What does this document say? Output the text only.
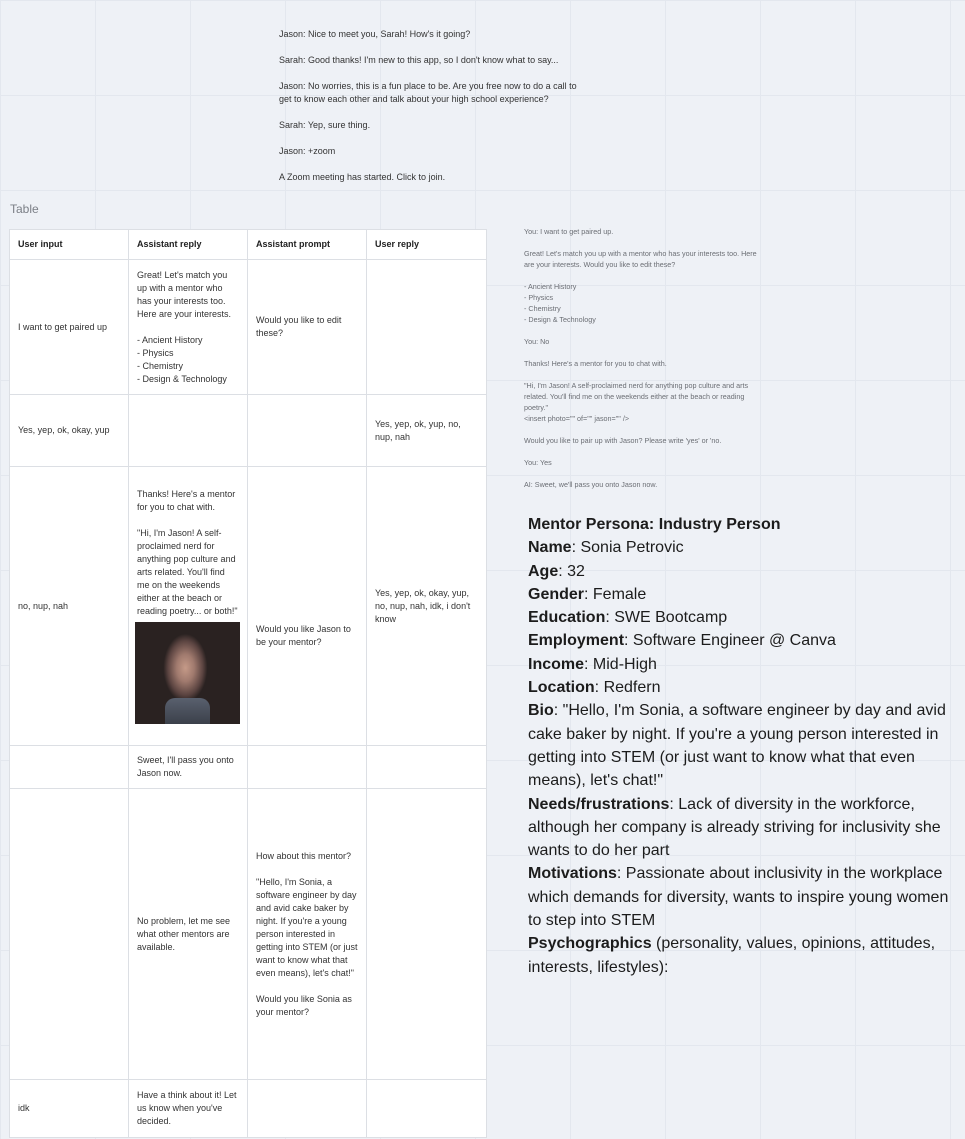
Jason: Nice to meet you, Sarah! How's it going?

Sarah: Good thanks! I'm new to this app, so I don't know what to say...

Jason: No worries, this is a fun place to be. Are you free now to do a call to get to know each other and talk about your high school experience?

Sarah: Yep, sure thing.

Jason: +zoom

A Zoom meeting has started. Click to join.

Table
User input	Assistant reply	Assistant prompt	User reply

I want to get paired up	Great! Let's match you up with a mentor who has your interests too. Here are your interests.

- Ancient History
- Physics
- Chemistry
- Design & Technology	Would you like to edit these?	

Yes, yep, ok, okay, yup			Yes, yep, ok, yup, no, nup, nah

no, nup, nah	Thanks! Here's a mentor for you to chat with.

"Hi, I'm Jason! A self-proclaimed nerd for anything pop culture and arts related. You'll find me on the weekends either at the beach or reading poetry... or both!"	Would you like Jason to be your mentor?	Yes, yep, ok, okay, yup, no, nup, nah, idk, i don't know

	Sweet, I'll pass you onto Jason now.		

	No problem, let me see what other mentors are available.	How about this mentor?

"Hello, I'm Sonia, a software engineer by day and avid cake baker by night. If you're a young person interested in getting into STEM (or just want to know what that even means), let's chat!"

Would you like Sonia as your mentor?	

idk	Have a think about it! Let us know when you've decided.		

You: I want to get paired up.

Great! Let's match you up with a mentor who has your interests too. Here are your interests. Would you like to edit these?

- Ancient History
- Physics
- Chemistry
- Design & Technology

You: No

Thanks! Here's a mentor for you to chat with.

"Hi, I'm Jason! A self-proclaimed nerd for anything pop culture and arts related. You'll find me on the weekends either at the beach or reading poetry."
<insert photo="" of="" jason="" />

Would you like to pair up with Jason? Please write 'yes' or 'no.

You: Yes

AI: Sweet, we'll pass you onto Jason now.

Mentor Persona: Industry Person
Name: Sonia Petrovic
Age: 32
Gender: Female
Education: SWE Bootcamp
Employment: Software Engineer @ Canva
Income: Mid-High
Location: Redfern
Bio: "Hello, I'm Sonia, a software engineer by day and avid cake baker by night. If you're a young person interested in getting into STEM (or just want to know what that even means), let's chat!"
Needs/frustrations: Lack of diversity in the workforce, although her company is already striving for inclusivity she wants to do her part
Motivations: Passionate about inclusivity in the workplace which demands for diversity, wants to inspire young women to step into STEM
Psychographics (personality, values, opinions, attitudes, interests, lifestyles):
